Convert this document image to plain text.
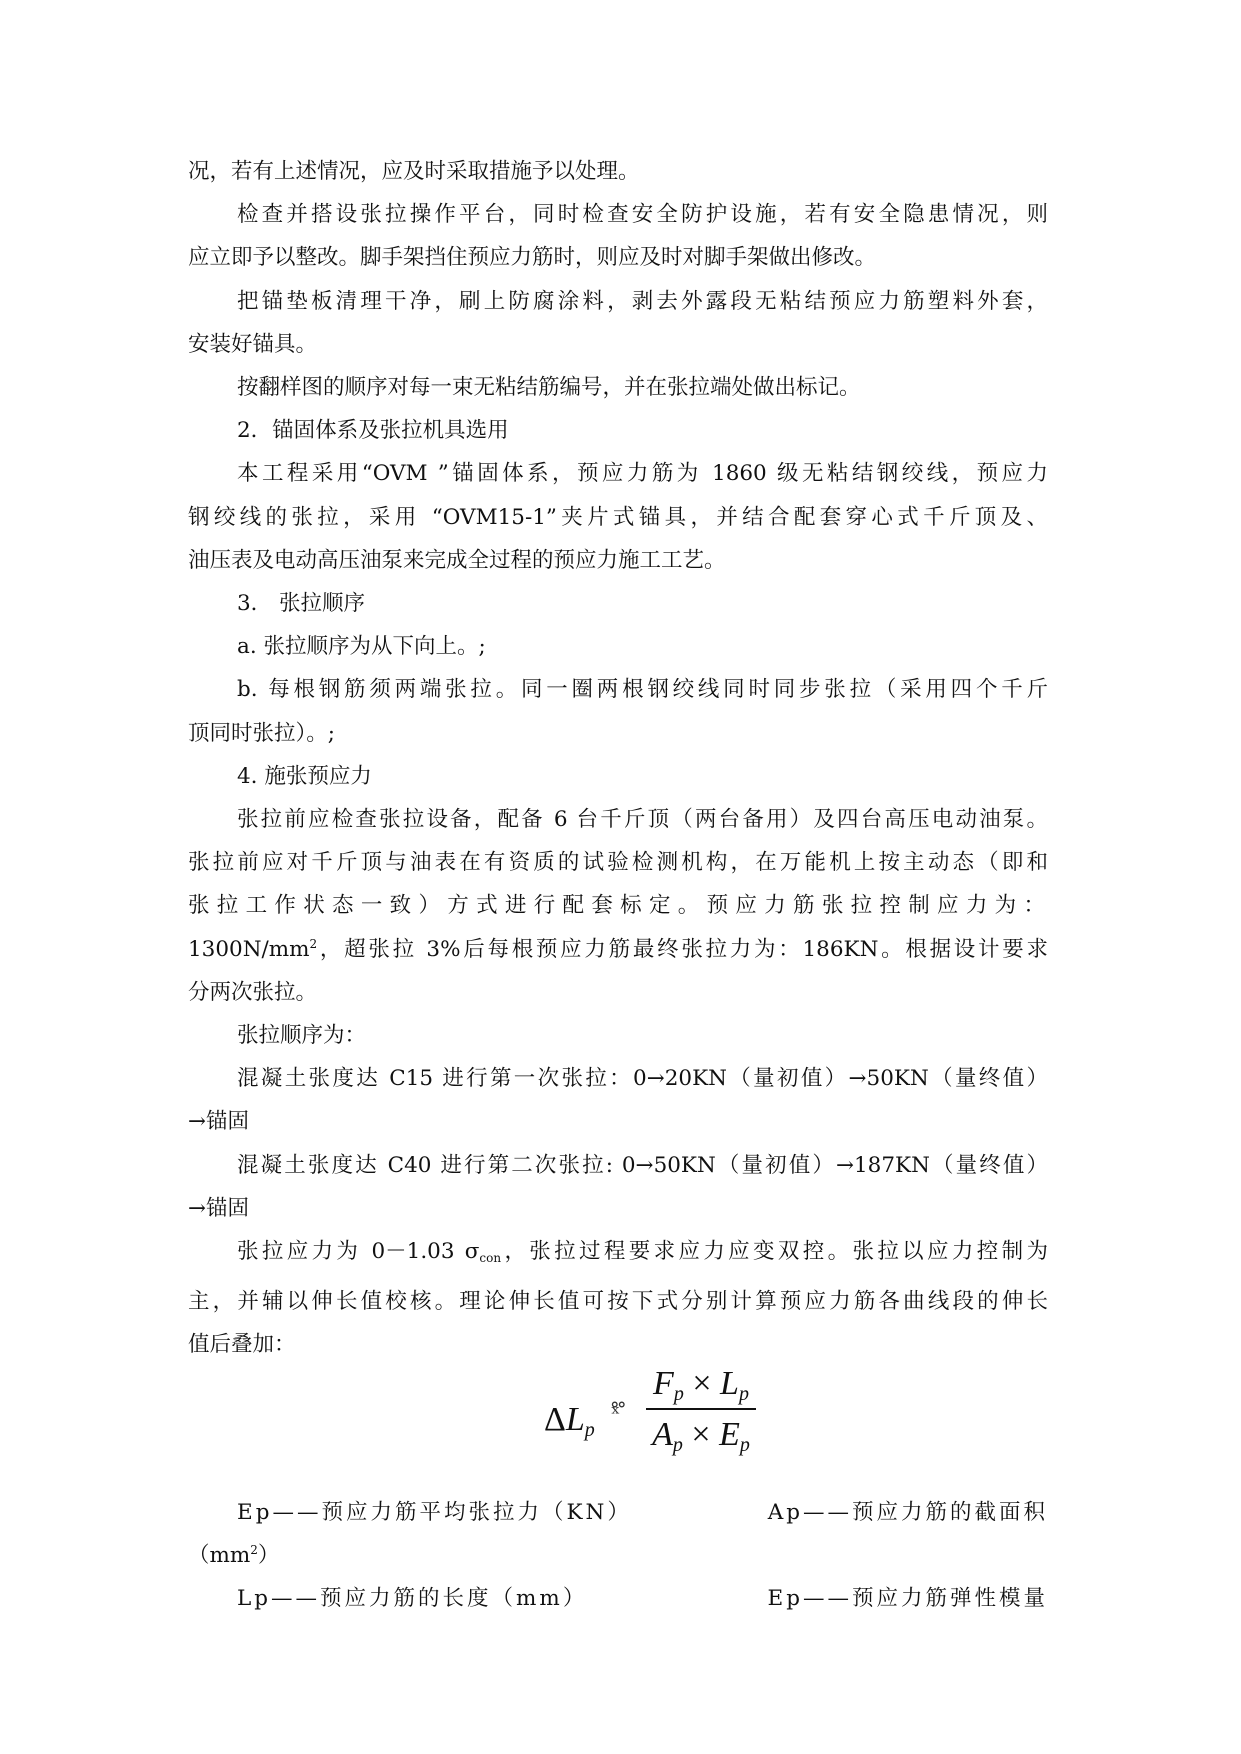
况，若有上述情况，应及时采取措施予以处理。

检查并搭设张拉操作平台，同时检查安全防护设施，若有安全隐患情况，则

应立即予以整改。脚手架挡住预应力筋时，则应及时对脚手架做出修改。

把锚垫板清理干净，刷上防腐涂料，剥去外露段无粘结预应力筋塑料外套，

安装好锚具。

按翻样图的顺序对每一束无粘结筋编号，并在张拉端处做出标记。

2．锚固体系及张拉机具选用

本工程采用“OVM ”锚固体系，预应力筋为 1860 级无粘结钢绞线，预应力

钢绞线的张拉，采用 “OVM15-1”夹片式锚具，并结合配套穿心式千斤顶及、

油压表及电动高压油泵来完成全过程的预应力施工工艺。

3． 张拉顺序

a. 张拉顺序为从下向上。;

b. 每根钢筋须两端张拉。同一圈两根钢绞线同时同步张拉（采用四个千斤

顶同时张拉）。;

4. 施张预应力

张拉前应检查张拉设备，配备 6 台千斤顶（两台备用）及四台高压电动油泵。

张拉前应对千斤顶与油表在有资质的试验检测机构，在万能机上按主动态（即和

张拉工作状态一致）方式进行配套标定。预应力筋张拉控制应力为：

$1300N/mm^2$，超张拉 3%后每根预应力筋最终张拉力为：186KN。根据设计要求

分两次张拉。

张拉顺序为：

混凝土张度达 C15 进行第一次张拉：0→20KN（量初值）→50KN（量终值）

→锚固

混凝土张度达 C40 进行第二次张拉: 0→50KN（量初值）→187KN（量终值）

→锚固

张拉应力为 0－1.03 $\sigma_{con}$，张拉过程要求应力应变双控。张拉以应力控制为

主，并辅以伸长值校核。理论伸长值可按下式分别计算预应力筋各曲线段的伸长

值后叠加：

ΔLp
ˣ̊ ̊
Fp × Lp
Ap × Ep
Ep——预应力筋平均张拉力（KN）	Ap——预应力筋的截面积

$(mm^2)$

Lp——预应力筋的长度（mm）	Ep——预应力筋弹性模量
